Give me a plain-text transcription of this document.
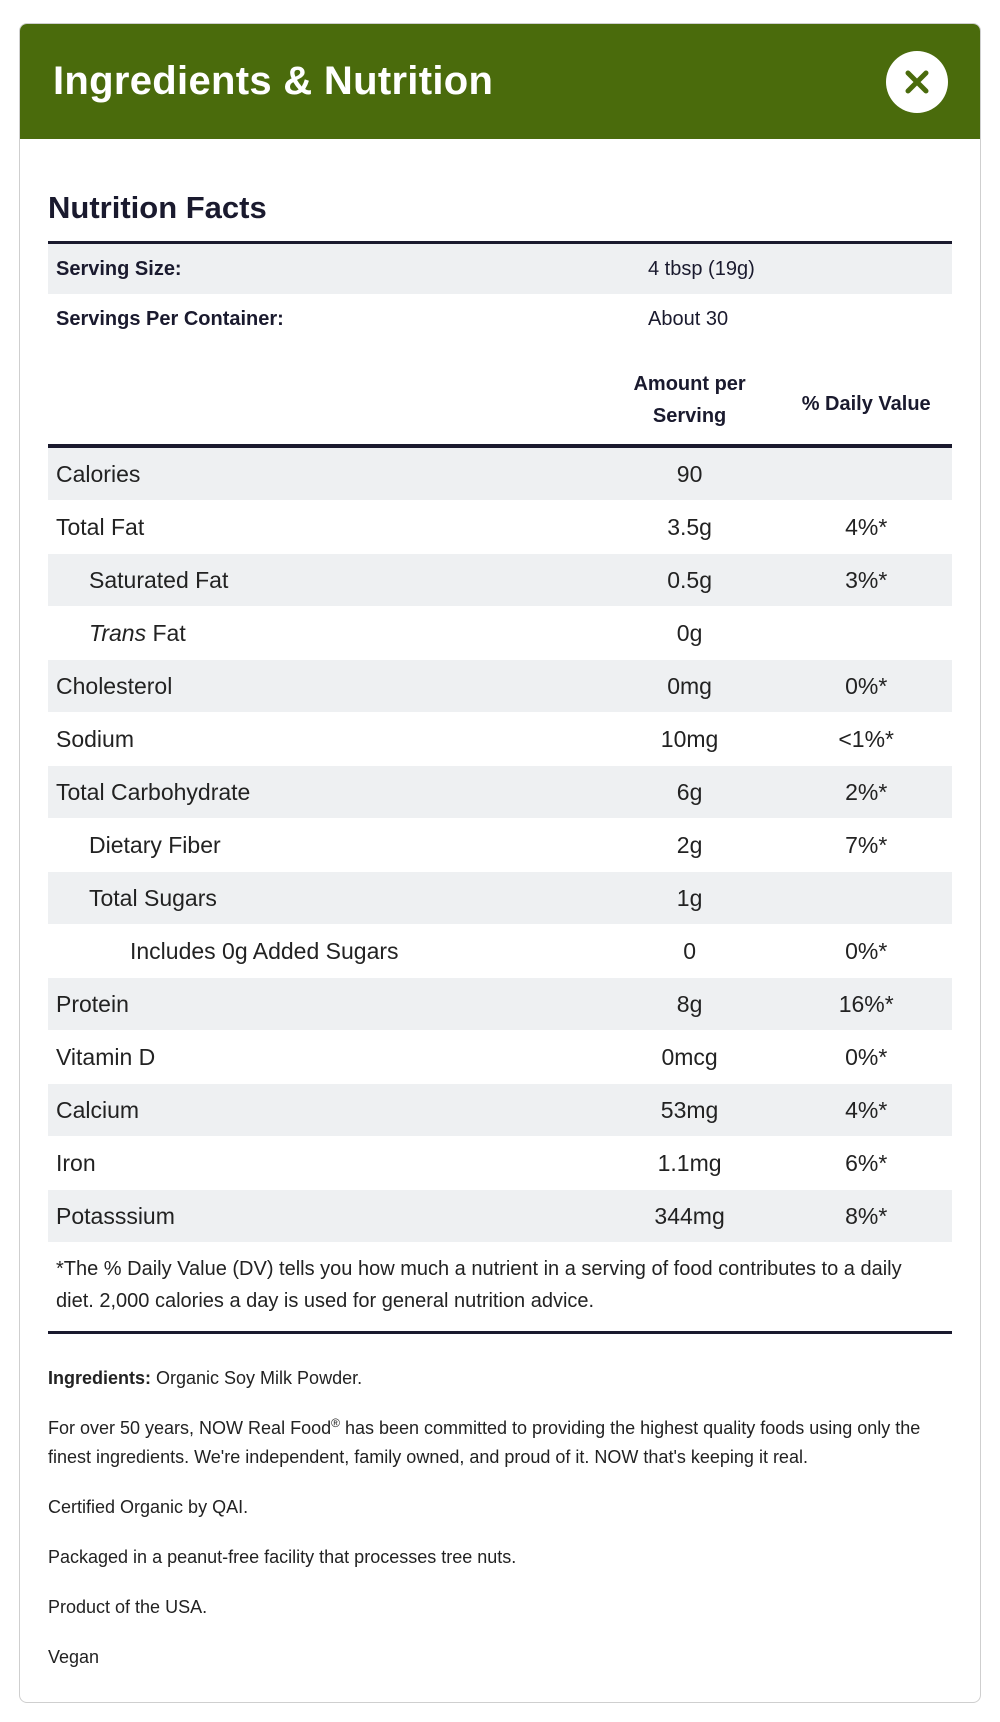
Ingredients & Nutrition
Nutrition Facts
Serving Size:	4 tbsp (19g)
Servings Per Container:	About 30
Amount per
Serving
% Daily Value
Calories	90
Total Fat	3.5g	4%*
Saturated Fat	0.5g	3%*
Trans Fat	0g
Cholesterol	0mg	0%*
Sodium	10mg	<1%*
Total Carbohydrate	6g	2%*
Dietary Fiber	2g	7%*
Total Sugars	1g
Includes 0g Added Sugars	0	0%*
Protein	8g	16%*
Vitamin D	0mcg	0%*
Calcium	53mg	4%*
Iron	1.1mg	6%*
Potasssium	344mg	8%*
*The % Daily Value (DV) tells you how much a nutrient in a serving of food contributes to a daily diet. 2,000 calories a day is used for general nutrition advice.

Ingredients: Organic Soy Milk Powder.

For over 50 years, NOW Real Food® has been committed to providing the highest quality foods using only the finest ingredients. We're independent, family owned, and proud of it. NOW that's keeping it real.

Certified Organic by QAI.

Packaged in a peanut-free facility that processes tree nuts.

Product of the USA.

Vegan
